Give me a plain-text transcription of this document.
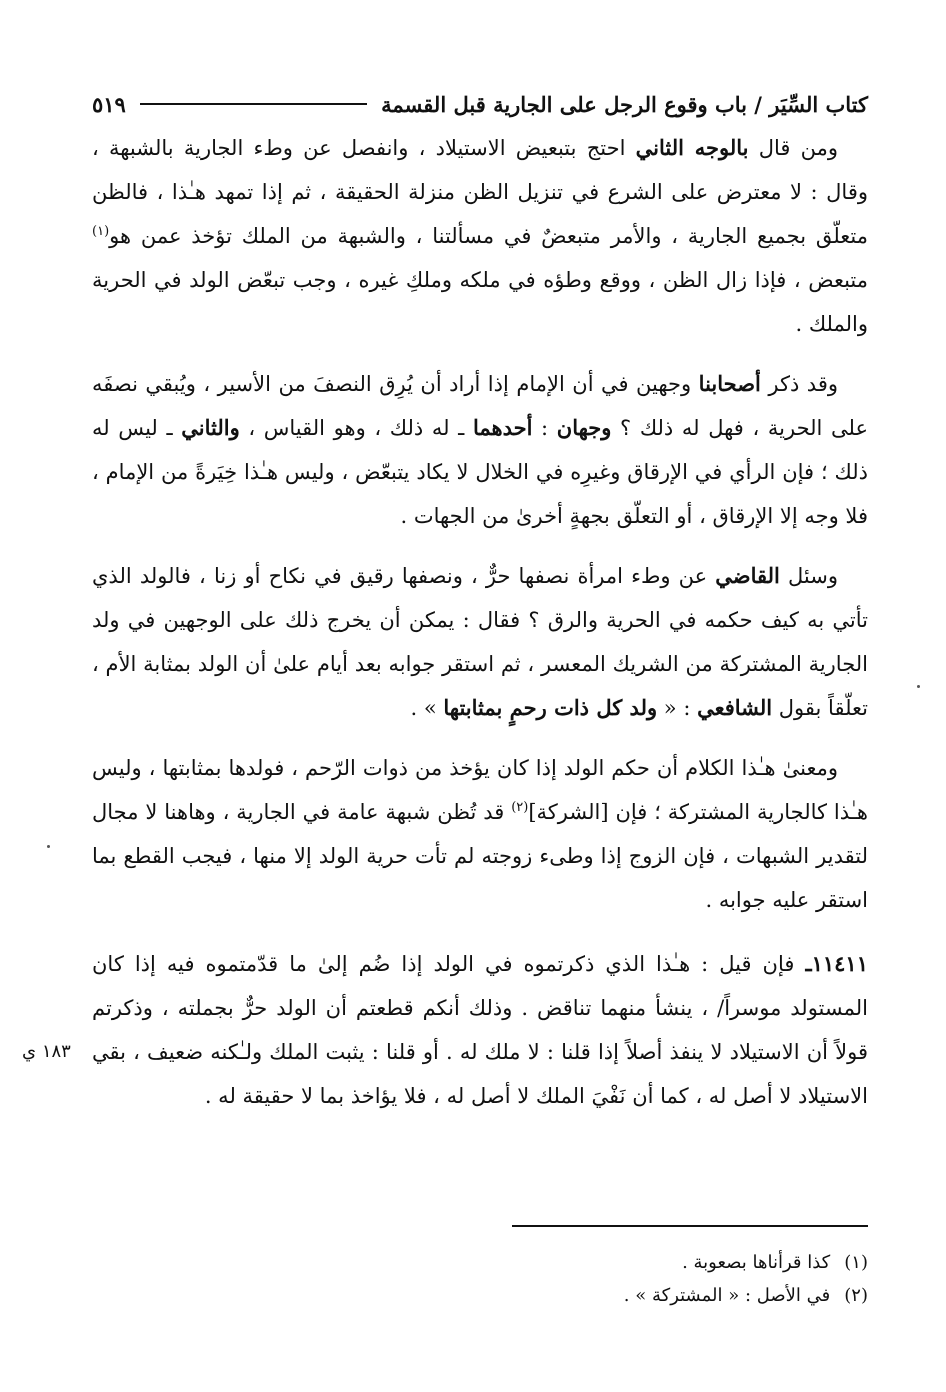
كتاب السِّيَر / باب وقوع الرجل على الجارية قبل القسمة
٥١٩

ومن قال بالوجه الثاني احتج بتبعيض الاستيلاد ، وانفصل عن وطء الجارية بالشبهة ، وقال : لا معترض على الشرع في تنزيل الظن منزلة الحقيقة ، ثم إذا تمهد هـٰذا ، فالظن متعلّق بجميع الجارية ، والأمر متبعضٌ في مسألتنا ، والشبهة من الملك تؤخذ عمن هو$^{(١)}$ متبعض ، فإذا زال الظن ، ووقع وطؤه في ملكه وملكِ غيره ، وجب تبعّض الولد في الحرية والملك .

وقد ذكر أصحابنا وجهين في أن الإمام إذا أراد أن يُرِق النصفَ من الأسير ، ويُبقي نصفَه على الحرية ، فهل له ذلك ؟ وجهان : أحدهما ـ له ذلك ، وهو القياس ، والثاني ـ ليس له ذلك ؛ فإن الرأي في الإرقاق وغيرِه في الخلال لا يكاد يتبعّض ، وليس هـٰذا خِيَرةً من الإمام ، فلا وجه إلا الإرقاق ، أو التعلّق بجهةٍ أخرىٰ من الجهات .

وسئل القاضي عن وطء امرأة نصفها حرٌّ ، ونصفها رقيق في نكاح أو زنا ، فالولد الذي تأتي به كيف حكمه في الحرية والرق ؟ فقال : يمكن أن يخرج ذلك على الوجهين في ولد الجارية المشتركة من الشريك المعسر ، ثم استقر جوابه بعد أيام علىٰ أن الولد بمثابة الأم ، تعلّقاً بقول الشافعي : « ولد كل ذات رحمٍ بمثابتها » .

ومعنىٰ هـٰذا الكلام أن حكم الولد إذا كان يؤخذ من ذوات الرّحم ، فولدها بمثابتها ، وليس هـٰذا كالجارية المشتركة ؛ فإن [الشركة]$^{(٢)}$ قد تُظن شبهة عامة في الجارية ، وهاهنا لا مجال لتقدير الشبهات ، فإن الزوج إذا وطىء زوجته لم تأت حرية الولد إلا منها ، فيجب القطع بما استقر عليه جوابه .

١١٤١١ـ فإن قيل : هـٰذا الذي ذكرتموه في الولد إذا ضُم إلىٰ ما قدّمتموه فيه إذا كان المستولد موسراً/ ، ينشأ منهما تناقض . وذلك أنكم قطعتم أن الولد حرٌّ بجملته ، وذكرتم قولاً أن الاستيلاد لا ينفذ أصلاً إذا قلنا : لا ملك له . أو قلنا : يثبت الملك ولـٰكنه ضعيف ، بقي الاستيلاد لا أصل له ، كما أن نَفْيَ الملك لا أصل له ، فلا يؤاخذ بما لا حقيقة له .

١٨٣ ي
(١)كذا قرأناها بصعوبة .
(٢)في الأصل : « المشتركة » .
